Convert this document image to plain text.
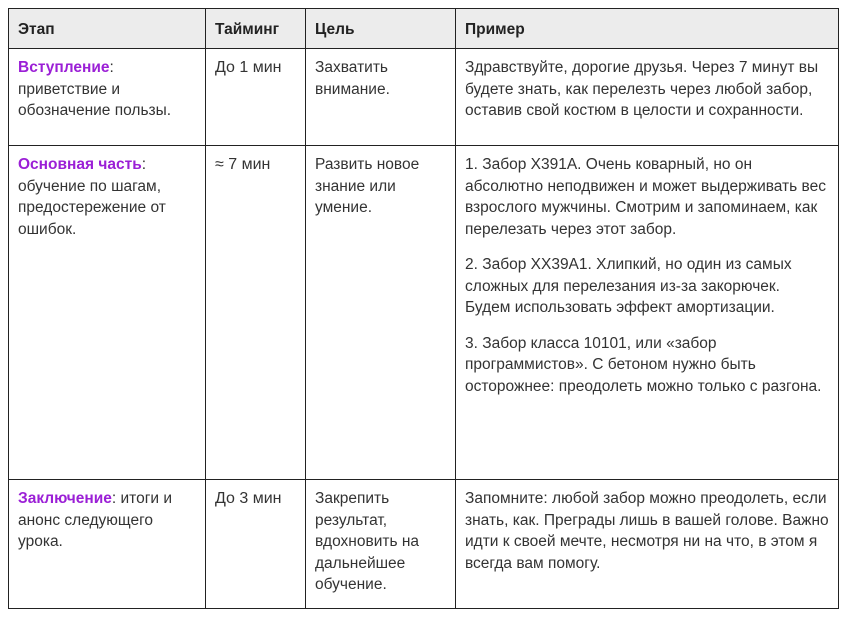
Этап	Тайминг	Цель	Пример
Вступление: приветствие и обозначение пользы.	До 1 мин	Захватить внимание.	Здравствуйте, дорогие друзья. Через 7 минут вы будете знать, как перелезть через любой забор, оставив свой костюм в целости и сохранности.

Основная часть: обучение по шагам, предостережение от ошибок.	≈ 7 мин	Развить новое знание или умение.	1. Забор Х391А. Очень коварный, но он абсолютно неподвижен и может выдерживать вес взрослого мужчины. Смотрим и запоминаем, как перелезать через этот забор.
2. Забор ХХ39А1. Хлипкий, но один из самых сложных для перелезания из-за закорючек. Будем использовать эффект амортизации.
3. Забор класса 10101, или «забор программистов». С бетоном нужно быть осторожнее: преодолеть можно только с разгона.

Заключение: итоги и анонс следующего урока.	До 3 мин	Закрепить результат, вдохновить на дальнейшее обучение.	Запомните: любой забор можно преодолеть, если знать, как. Преграды лишь в вашей голове. Важно идти к своей мечте, несмотря ни на что, в этом я всегда вам помогу.
